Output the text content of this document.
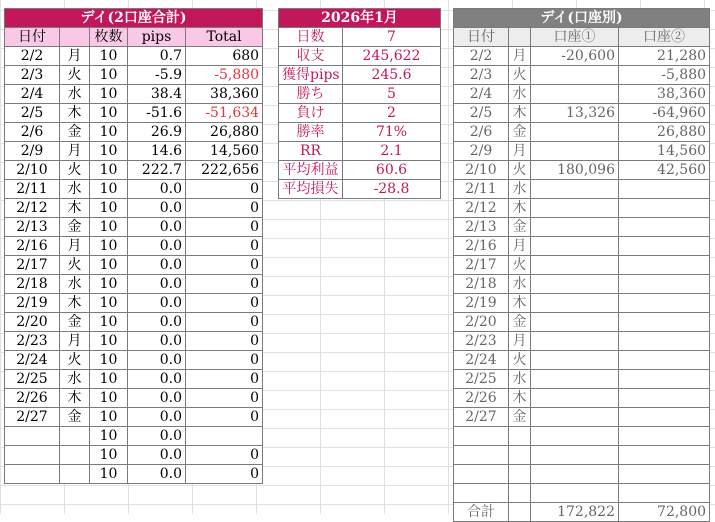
デイ(2口座合計)				
日付		枚数	pips	Total
2/2	月	10	0.7	680
2/3	火	10	-5.9	-5,880
2/4	水	10	38.4	38,360
2/5	木	10	-51.6	-51,634
2/6	金	10	26.9	26,880
2/9	月	10	14.6	14,560
2/10	火	10	222.7	222,656
2/11	水	10	0.0	0
2/12	木	10	0.0	0
2/13	金	10	0.0	0
2/16	月	10	0.0	0
2/17	火	10	0.0	0
2/18	水	10	0.0	0
2/19	木	10	0.0	0
2/20	金	10	0.0	0
2/23	月	10	0.0	0
2/24	火	10	0.0	0
2/25	水	10	0.0	0
2/26	木	10	0.0	0
2/27	金	10	0.0	0
		10	0.0	
		10	0.0	0
		10	0.0	0
2026年1月	
日数	7
収支	245,622
獲得pips	245.6
勝ち	5
負け	2
勝率	71%
RR	2.1
平均利益	60.6
平均損失	-28.8
デイ(口座別)			
日付		口座①	口座②
2/2	月	-20,600	21,280
2/3	火		-5,880
2/4	水		38,360
2/5	木	13,326	-64,960
2/6	金		26,880
2/9	月		14,560
2/10	火	180,096	42,560
2/11	水		
2/12	木		
2/13	金		
2/16	月		
2/17	火		
2/18	水		
2/19	木		
2/20	金		
2/23	月		
2/24	火		
2/25	水		
2/26	木		
2/27	金		

合計		172,822	72,800
